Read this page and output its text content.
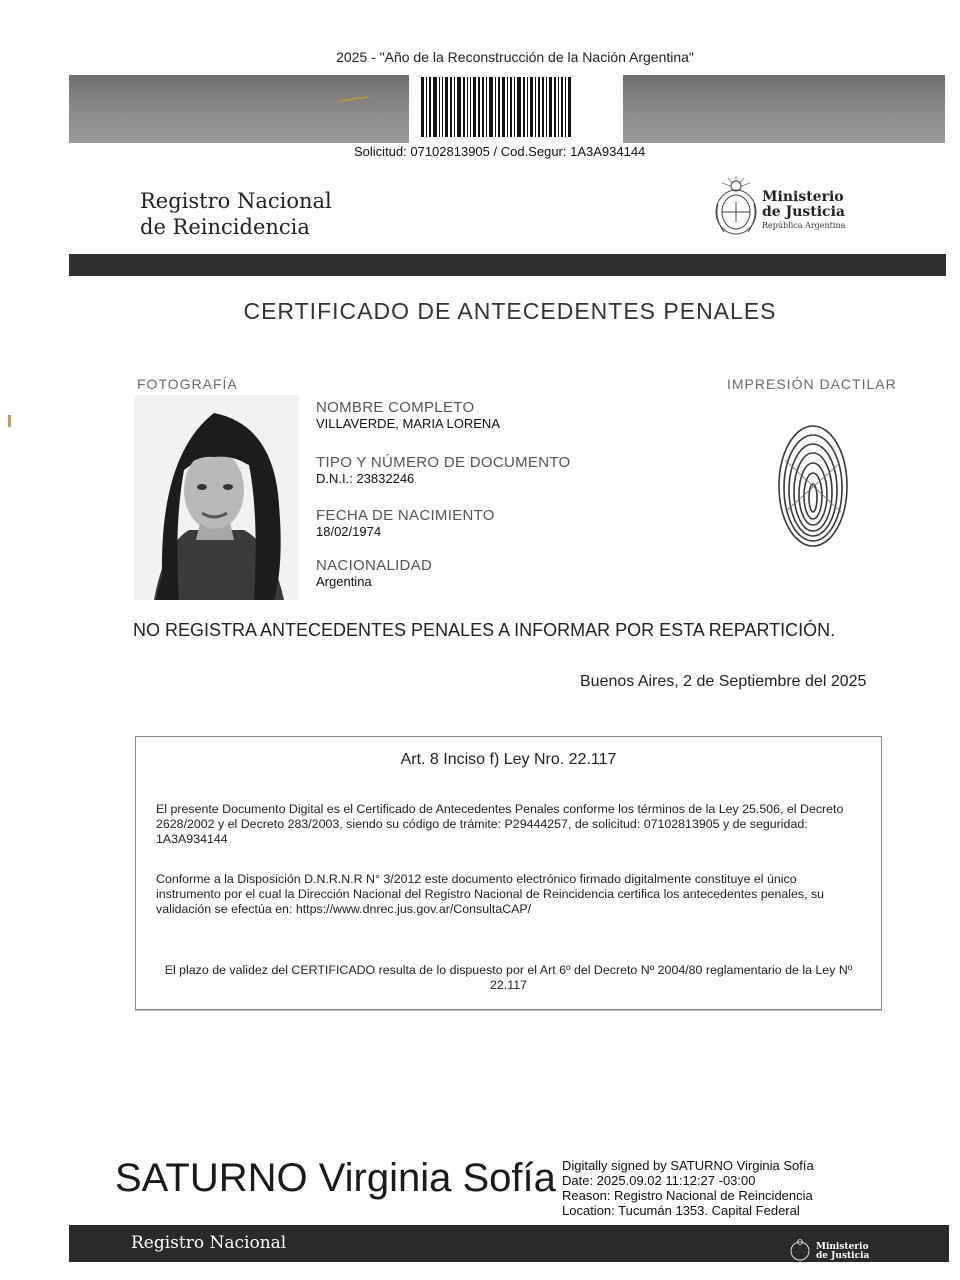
2025 - "Año de la Reconstrucción de la Nación Argentina"
Solicitud: 07102813905 / Cod.Segur: 1A3A934144
Registro Nacional
de Reincidencia
Ministerio
de Justicia
República Argentina
CERTIFICADO DE ANTECEDENTES PENALES
FOTOGRAFÍA	IMPRESIÓN DACTILAR
NOMBRE COMPLETO
VILLAVERDE, MARIA LORENA
TIPO Y NÚMERO DE DOCUMENTO
D.N.I.: 23832246
FECHA DE NACIMIENTO
18/02/1974
NACIONALIDAD
Argentina
NO REGISTRA ANTECEDENTES PENALES A INFORMAR POR ESTA REPARTICIÓN.
Buenos Aires, 2 de Septiembre del 2025
Art. 8 Inciso f) Ley Nro. 22.117
El presente Documento Digital es el Certificado de Antecedentes Penales conforme los términos de la Ley 25.506, el Decreto 2628/2002 y el Decreto 283/2003, siendo su código de trámite: P29444257, de solicitud: 07102813905 y de seguridad: 1A3A934144
Conforme a la Disposición D.N.R.N.R N° 3/2012 este documento electrónico firmado digitalmente constituye el único instrumento por el cual la Dirección Nacional del Registro Nacional de Reincidencia certifica los antecedentes penales, su validación se efectúa en: https://www.dnrec.jus.gov.ar/ConsultaCAP/
El plazo de validez del CERTIFICADO resulta de lo dispuesto por el Art 6º del Decreto Nº 2004/80 reglamentario de la Ley Nº 22.117
SATURNO Virginia Sofía Digitally signed by SATURNO Virginia Sofía
Date: 2025.09.02 11:12:27 -03:00
Reason: Registro Nacional de Reincidencia
Location: Tucumán 1353. Capital Federal
Registro Nacional	Ministerio
de Justicia
